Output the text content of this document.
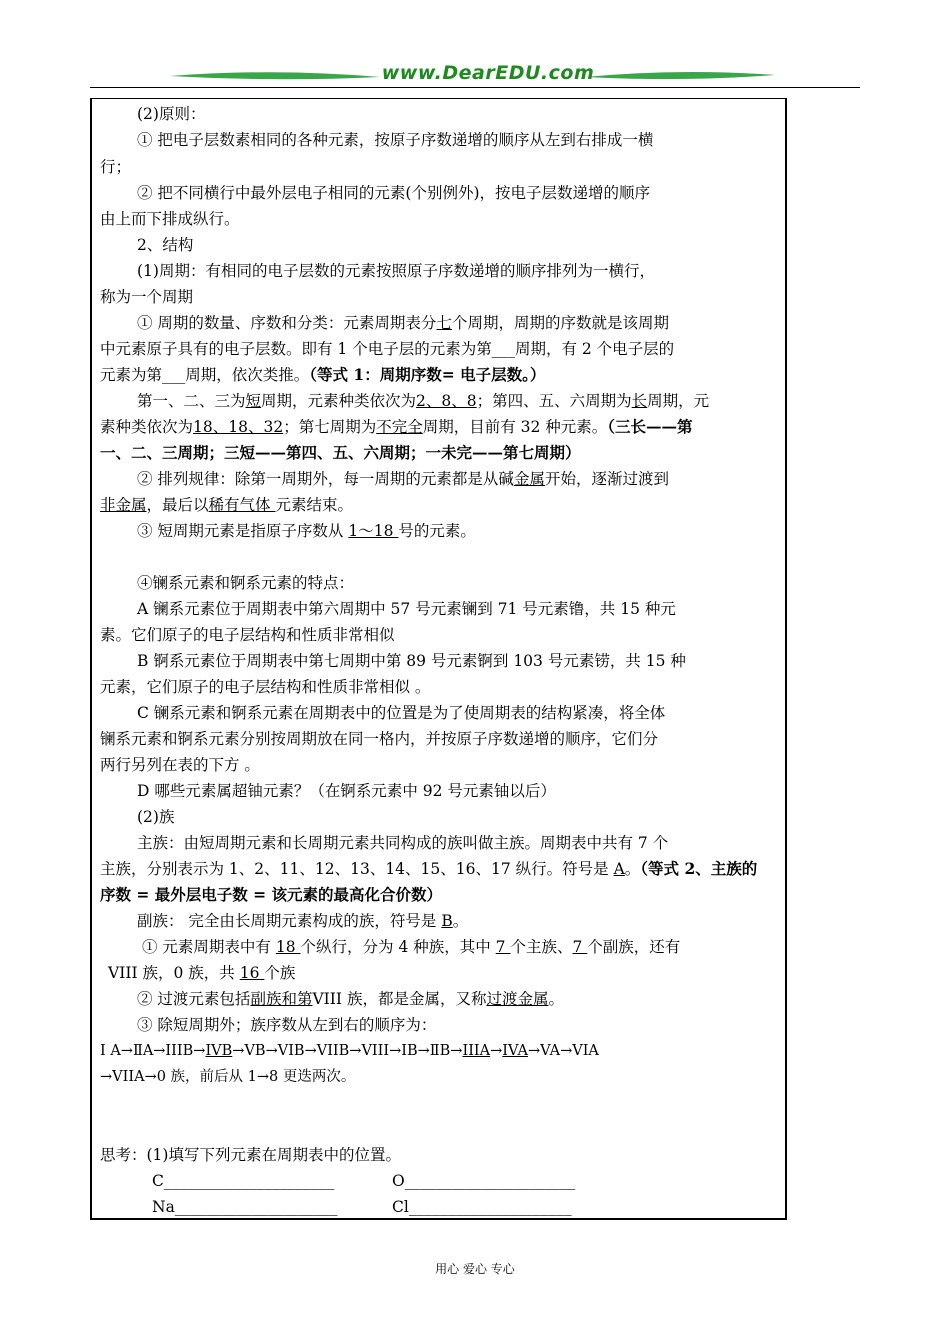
www.DearEDU.com
(2)原则：
① 把电子层数素相同的各种元素，按原子序数递增的顺序从左到右排成一横
行；
② 把不同横行中最外层电子相同的元素(个别例外)，按电子层数递增的顺序
由上而下排成纵行。
2、结构
(1)周期：有相同的电子层数的元素按照原子序数递增的顺序排列为一横行，
称为一个周期
① 周期的数量、序数和分类：元素周期表分七个周期，周期的序数就是该周期
中元素原子具有的电子层数。即有 1 个电子层的元素为第___周期，有 2 个电子层的
元素为第___周期，依次类推。（等式 1：周期序数= 电子层数。）
第一、二、三为短周期，元素种类依次为2、8、8；第四、五、六周期为长周期，元
素种类依次为18、18、32；第七周期为不完全周期，目前有 32 种元素。（三长——第
一、二、三周期；三短——第四、五、六周期；一未完——第七周期）
② 排列规律：除第一周期外，每一周期的元素都是从碱金属开始，逐渐过渡到
非金属，最后以稀有气体 元素结束。
③ 短周期元素是指原子序数从 1～18 号的元素。
④镧系元素和锕系元素的特点：
A 镧系元素位于周期表中第六周期中 57 号元素镧到 71 号元素镥，共 15 种元
素。它们原子的电子层结构和性质非常相似
B 锕系元素位于周期表中第七周期中第 89 号元素锕到 103 号元素铹，共 15 种
元素，它们原子的电子层结构和性质非常相似 。
C 镧系元素和锕系元素在周期表中的位置是为了使周期表的结构紧凑，将全体
镧系元素和锕系元素分别按周期放在同一格内，并按原子序数递增的顺序，它们分
两行另列在表的下方 。
D 哪些元素属超铀元素？（在锕系元素中 92 号元素铀以后）
(2)族
主族：由短周期元素和长周期元素共同构成的族叫做主族。周期表中共有 7 个
主族，分别表示为 1、2、11、12、13、14、15、16、17 纵行。符号是 A。（等式 2、主族的
序数 = 最外层电子数 = 该元素的最高化合价数）
副族： 完全由长周期元素构成的族，符号是 B。
① 元素周期表中有 18 个纵行，分为 4 种族，其中 7 个主族、7 个副族，还有
VIII 族，0 族，共 16 个族
② 过渡元素包括副族和第VIII 族，都是金属，又称过渡金属。
③ 除短周期外；族序数从左到右的顺序为：
Ⅰ A→ⅡA→IIIB→IVB→VB→VIB→VIIB→VIII→ⅠB→ⅡB→IIIA→IVA→VA→VIA
→VIIA→0 族，前后从 1→8 更迭两次。
思考：(1)填写下列元素在周期表中的位置。
C______________________	O______________________
Na_____________________	Cl_____________________
用心 爱心 专心
